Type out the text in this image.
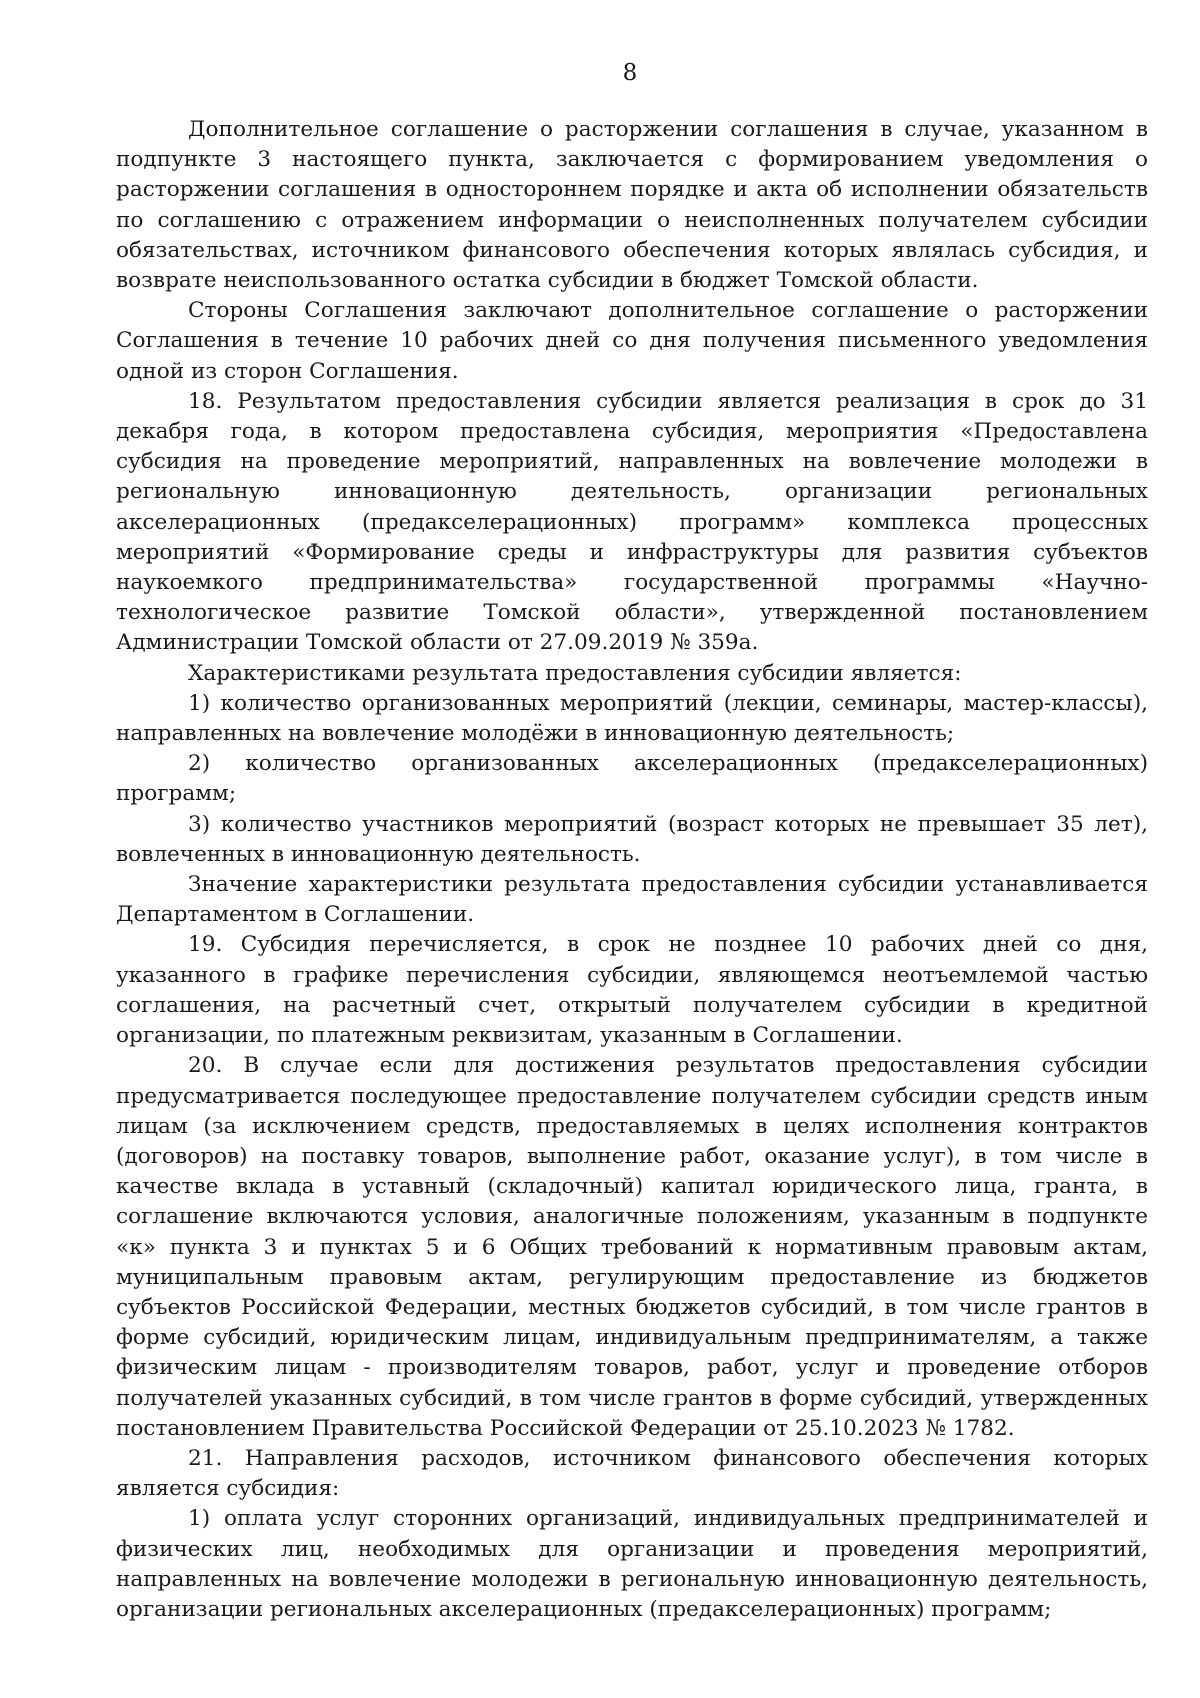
8

Дополнительное соглашение о расторжении соглашения в случае, указанном в подпункте 3 настоящего пункта, заключается с формированием уведомления о расторжении соглашения в одностороннем порядке и акта об исполнении обязательств по соглашению с отражением информации о неисполненных получателем субсидии обязательствах, источником финансового обеспечения которых являлась субсидия, и возврате неиспользованного остатка субсидии в бюджет Томской области.

Стороны Соглашения заключают дополнительное соглашение о расторжении Соглашения в течение 10 рабочих дней со дня получения письменного уведомления одной из сторон Соглашения.

18. Результатом предоставления субсидии является реализация в срок до 31 декабря года, в котором предоставлена субсидия, мероприятия «Предоставлена субсидия на проведение мероприятий, направленных на вовлечение молодежи в региональную инновационную деятельность, организации региональных акселерационных (предакселерационных) программ» комплекса процессных мероприятий «Формирование среды и инфраструктуры для развития субъектов наукоемкого предпринимательства» государственной программы «Научно-технологическое развитие Томской области», утвержденной постановлением Администрации Томской области от 27.09.2019 № 359а.

Характеристиками результата предоставления субсидии является:

1) количество организованных мероприятий (лекции, семинары, мастер-классы), направленных на вовлечение молодёжи в инновационную деятельность;

2) количество организованных акселерационных (предакселерационных) программ;

3) количество участников мероприятий (возраст которых не превышает 35 лет), вовлеченных в инновационную деятельность.

Значение характеристики результата предоставления субсидии устанавливается Департаментом в Соглашении.

19. Субсидия перечисляется, в срок не позднее 10 рабочих дней со дня, указанного в графике перечисления субсидии, являющемся неотъемлемой частью соглашения, на расчетный счет, открытый получателем субсидии в кредитной организации, по платежным реквизитам, указанным в Соглашении.

20. В случае если для достижения результатов предоставления субсидии предусматривается последующее предоставление получателем субсидии средств иным лицам (за исключением средств, предоставляемых в целях исполнения контрактов (договоров) на поставку товаров, выполнение работ, оказание услуг), в том числе в качестве вклада в уставный (складочный) капитал юридического лица, гранта, в соглашение включаются условия, аналогичные положениям, указанным в подпункте «к» пункта 3 и пунктах 5 и 6 Общих требований к нормативным правовым актам, муниципальным правовым актам, регулирующим предоставление из бюджетов субъектов Российской Федерации, местных бюджетов субсидий, в том числе грантов в форме субсидий, юридическим лицам, индивидуальным предпринимателям, а также физическим лицам - производителям товаров, работ, услуг и проведение отборов получателей указанных субсидий, в том числе грантов в форме субсидий, утвержденных постановлением Правительства Российской Федерации от 25.10.2023 № 1782.

21. Направления расходов, источником финансового обеспечения которых является субсидия:

1) оплата услуг сторонних организаций, индивидуальных предпринимателей и физических лиц, необходимых для организации и проведения мероприятий, направленных на вовлечение молодежи в региональную инновационную деятельность, организации региональных акселерационных (предакселерационных) программ;
